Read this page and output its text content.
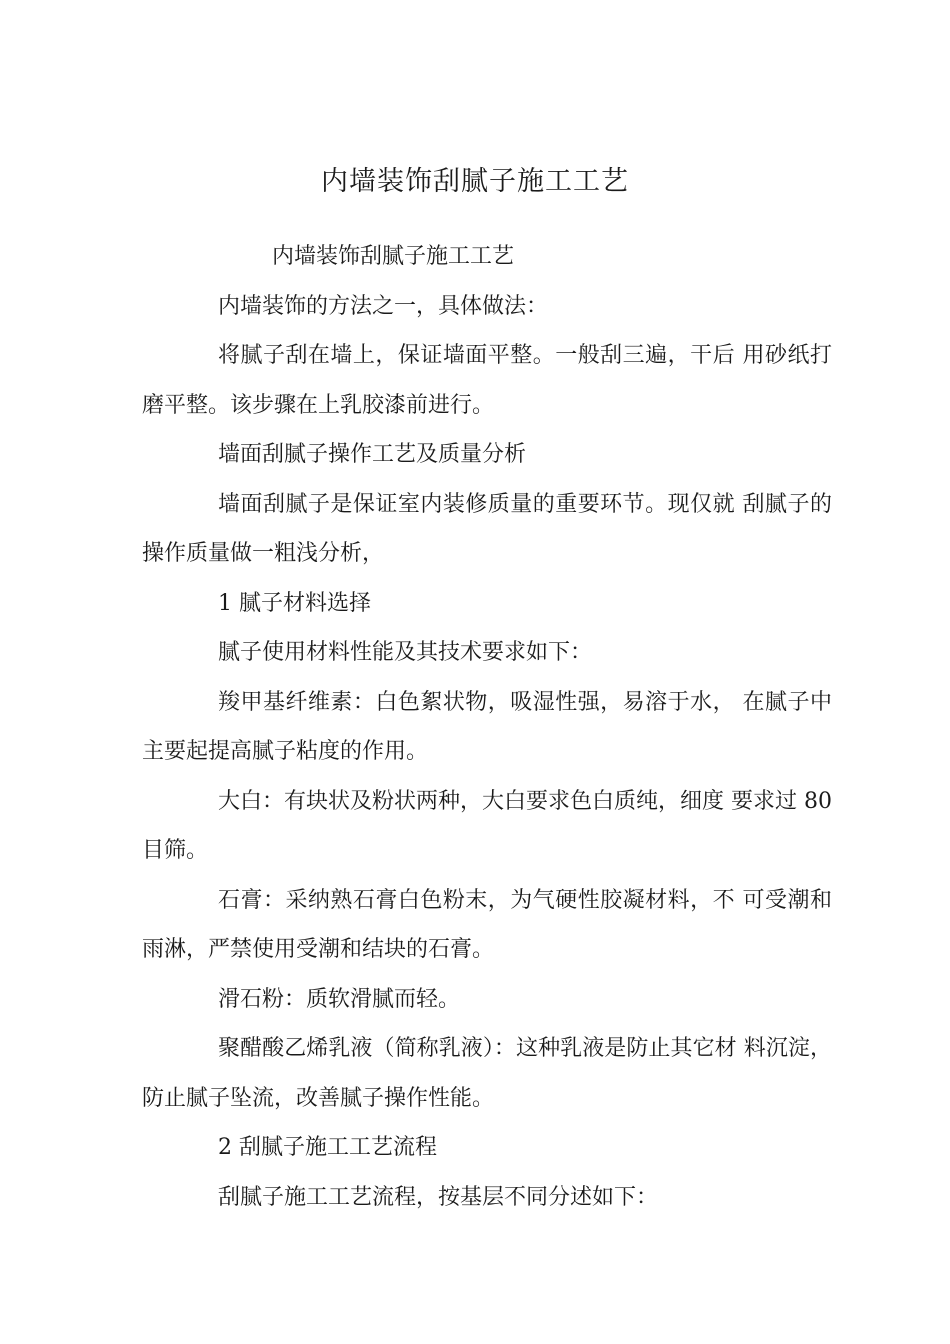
内墙装饰刮腻子施工工艺

内墙装饰刮腻子施工工艺

内墙装饰的方法之一，具体做法：

将腻子刮在墙上，保证墙面平整。一般刮三遍，干后 用砂纸打磨平整。该步骤在上乳胶漆前进行。

墙面刮腻子操作工艺及质量分析

墙面刮腻子是保证室内装修质量的重要环节。现仅就 刮腻子的操作质量做一粗浅分析，

1 腻子材料选择

腻子使用材料性能及其技术要求如下：

羧甲基纤维素：白色絮状物，吸湿性强，易溶于水， 在腻子中主要起提高腻子粘度的作用。

大白：有块状及粉状两种，大白要求色白质纯，细度 要求过 80 目筛。

石膏：采纳熟石膏白色粉末，为气硬性胶凝材料，不 可受潮和雨淋，严禁使用受潮和结块的石膏。

滑石粉：质软滑腻而轻。

聚醋酸乙烯乳液（简称乳液）：这种乳液是防止其它材 料沉淀，防止腻子坠流，改善腻子操作性能。

2 刮腻子施工工艺流程

刮腻子施工工艺流程，按基层不同分述如下：
